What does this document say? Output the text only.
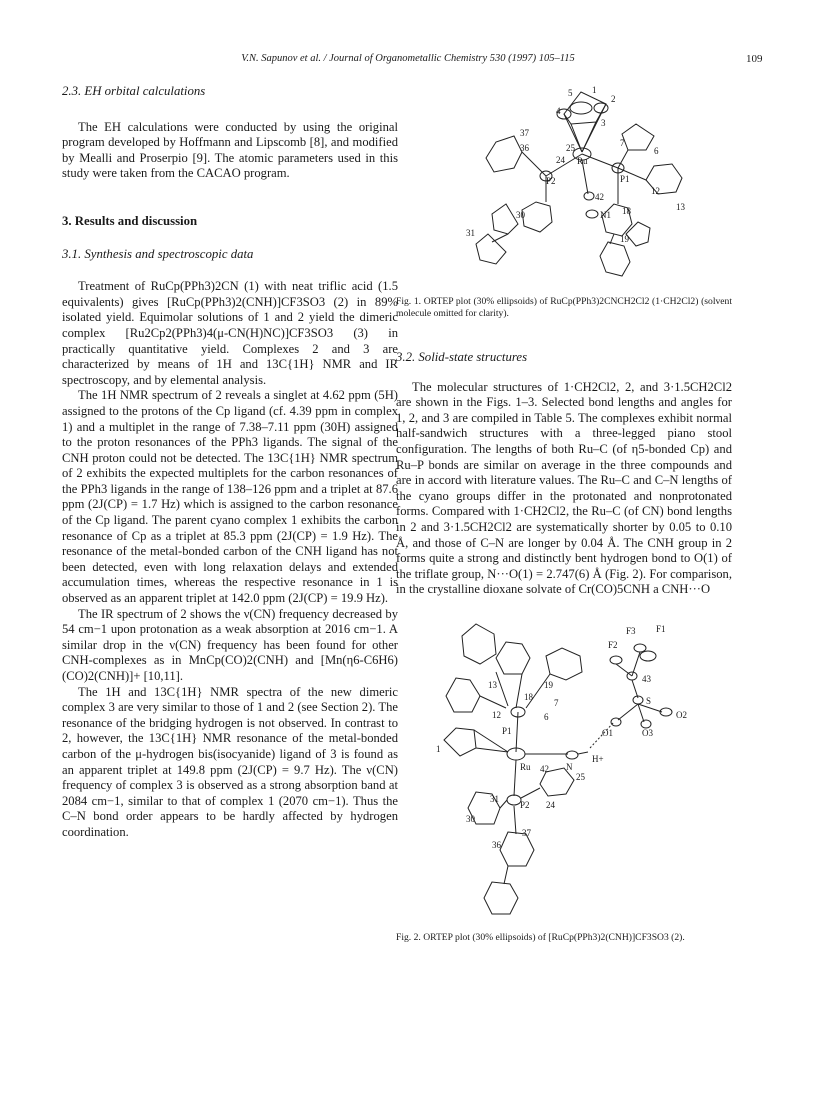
V.N. Sapunov et al. / Journal of Organometallic Chemistry 530 (1997) 105–115	109
2.3. EH orbital calculations

The EH calculations were conducted by using the original program developed by Hoffmann and Lipscomb [8], and modified by Mealli and Proserpio [9]. The atomic parameters used in this study were taken from the CACAO program.

3. Results and discussion
3.1. Synthesis and spectroscopic data

Treatment of RuCp(PPh3)2CN (1) with neat triflic acid (1.5 equivalents) gives [RuCp(PPh3)2(CNH)]CF3SO3 (2) in 89% isolated yield. Equimolar solutions of 1 and 2 yield the dimeric complex [Ru2Cp2(PPh3)4(μ-CN(H)NC)]CF3SO3 (3) in practically quantitative yield. Complexes 2 and 3 are characterized by means of 1H and 13C{1H} NMR and IR spectroscopy, and by elemental analysis.

The 1H NMR spectrum of 2 reveals a singlet at 4.62 ppm (5H) assigned to the protons of the Cp ligand (cf. 4.39 ppm in complex 1) and a multiplet in the range of 7.38–7.11 ppm (30H) assigned to the proton resonances of the PPh3 ligands. The signal of the CNH proton could not be detected. The 13C{1H} NMR spectrum of 2 exhibits the expected multiplets for the carbon resonances of the PPh3 ligands in the range of 138–126 ppm and a triplet at 87.6 ppm (2J(CP) = 1.7 Hz) which is assigned to the carbon resonance of the Cp ligand. The parent cyano complex 1 exhibits the carbon resonance of Cp as a triplet at 85.3 ppm (2J(CP) = 1.9 Hz). The resonance of the metal-bonded carbon of the CNH ligand has not been detected, even with long relaxation delays and extended accumulation times, whereas the respective resonance in 1 is observed as an apparent triplet at 142.0 ppm (2J(CP) = 19.9 Hz).

The IR spectrum of 2 shows the ν(CN) frequency decreased by 54 cm−1 upon protonation as a weak absorption at 2016 cm−1. A similar drop in the ν(CN) frequency has been found for other CNH-complexes as in MnCp(CO)2(CNH) and [Mn(η6-C6H6)(CO)2(CNH)]+ [10,11].

The 1H and 13C{1H} NMR spectra of the new dimeric complex 3 are very similar to those of 1 and 2 (see Section 2). The resonance of the bridging hydrogen is not observed. In contrast to 2, however, the 13C{1H} NMR resonance of the metal-bonded carbon of the μ-hydrogen bis(isocyanide) ligand of 3 is found as an apparent triplet at 149.8 ppm (2J(CP) = 9.7 Hz). The ν(CN) frequency of complex 3 is observed as a strong absorption band at 2084 cm−1, similar to that of complex 1 (2070 cm−1). Thus the C–N bond order appears to be hardly affected by hydrogen coordination.

1
2
3
4
5
37
36	25
24 Ru
7
6
P2	P1
42
N1
12
13
30	18
31
19
Fig. 1. ORTEP plot (30% ellipsoids) of RuCp(PPh3)2CNCH2Cl2 (1·CH2Cl2) (solvent molecule omitted for clarity).
3.2. Solid-state structures

The molecular structures of 1·CH2Cl2, 2, and 3·1.5CH2Cl2 are shown in the Figs. 1–3. Selected bond lengths and angles for 1, 2, and 3 are compiled in Table 5. The complexes exhibit normal half-sandwich structures with a three-legged piano stool configuration. The lengths of both Ru–C (of η5-bonded Cp) and Ru–P bonds are similar on average in the three compounds and are in accord with literature values. The Ru–C and C–N lengths of the cyano groups differ in the protonated and nonprotonated forms. Compared with 1·CH2Cl2, the Ru–C (of CN) bond lengths in 2 and 3·1.5CH2Cl2 are systematically shorter by 0.05 to 0.10 Å, and those of C–N are longer by 0.04 Å. The CNH group in 2 forms quite a strong and distinctly bent hydrogen bond to O(1) of the triflate group, N···O(1) = 2.747(6) Å (Fig. 2). For comparison, in the crystalline dioxane solvate of Cr(CO)5CNH a CNH···O

F3 F1
F2
13	19
43
18
7	S
12	6	O2
O3
O1
P1
1
Ru 42 N
H+
25
31
P2 24
30
36
37
Fig. 2. ORTEP plot (30% ellipsoids) of [RuCp(PPh3)2(CNH)]CF3SO3 (2).
